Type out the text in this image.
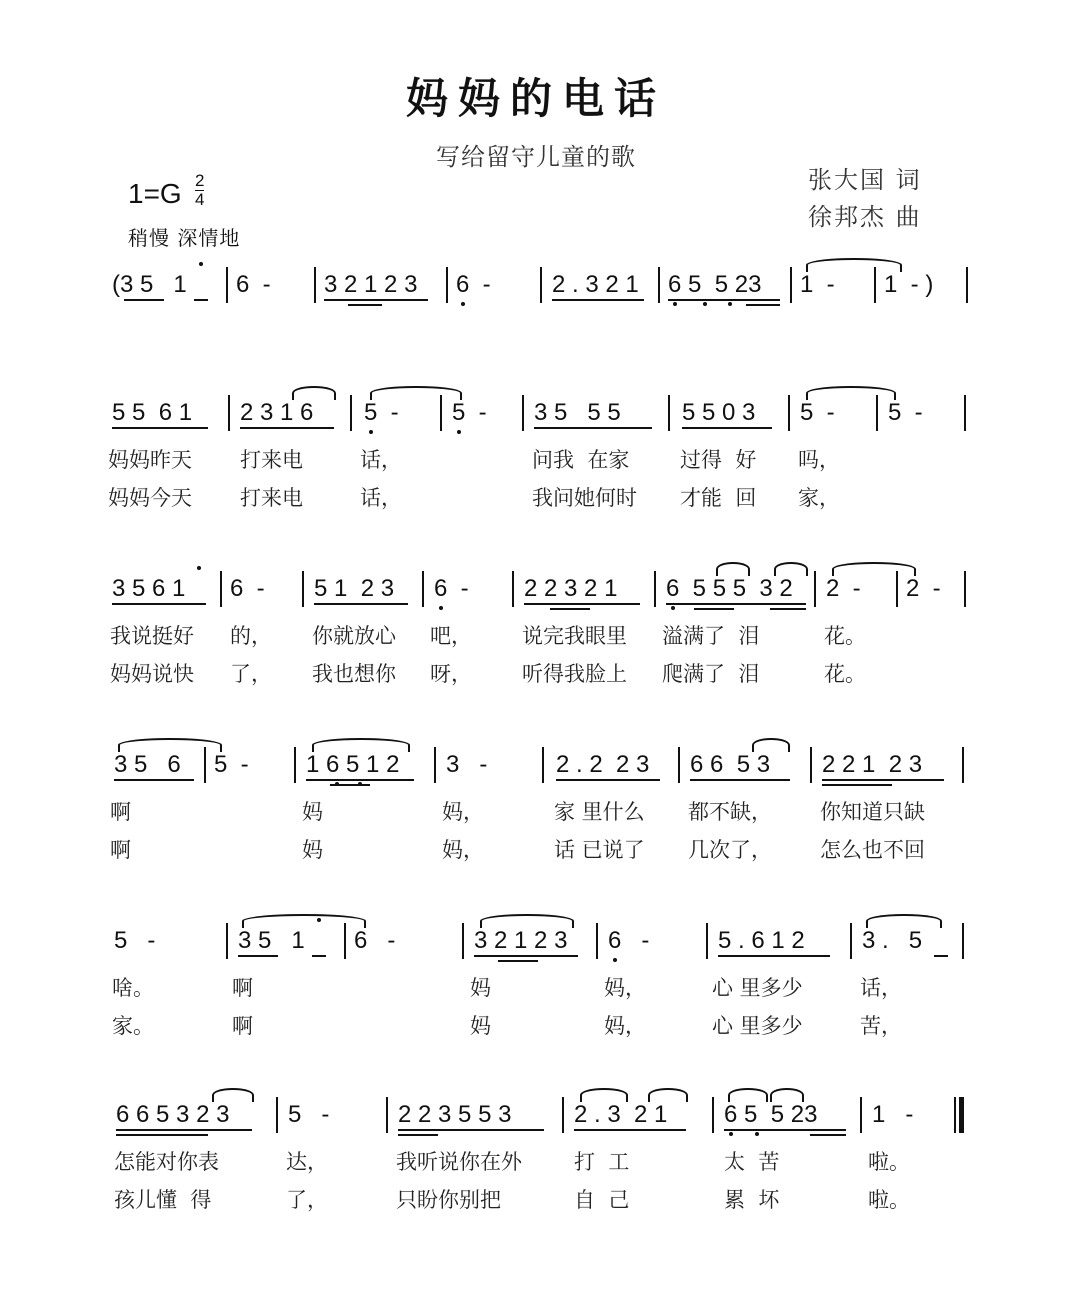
妈妈的电话
写给留守儿童的歌
张大国 词
徐邦杰 曲
1=G 2
4
稍慢 深情地
(3 5   1 6  - 3 2 1 2 3 6  -	2 . 3 2 1 6 5  5 23 1  - 1  - )
5 5  6 1 2 3 1 6 5  - 5  - 3 5   5 5	5 5 0 3 5  - 5  -
妈妈昨天 打来电	话，	问我  在家 过得  好 吗，
妈妈今天 打来电	话，	我问她何时 才能  回 家，
3 5 6 1 6  - 5 1  2 3 6  - 2 2 3 2 1 6  5 5 5  3 2 2  - 2  -
我说挺好 的， 你就放心 吧， 说完我眼里 溢满了  泪	花。
妈妈说快 了， 我也想你 呀， 听得我脸上 爬满了  泪	花。
3 5   6 5  - 1 6 5 1 2 3   -	2 . 2  2 3 6 6  5 3 2 2 1  2 3
啊	妈	妈，	家 里什么 都不缺， 你知道只缺
啊	妈	妈，	话 已说了 几次了， 怎么也不回
5   -	3 5   1 6   -	3 2 1 2 3 6   -	5 . 6 1 2 3 .   5
啥。	啊	妈	妈，	心 里多少	话，
家。	啊	妈	妈，	心 里多少	苦，
6 6 5 3 2 3 5   -	2 2 3 5 5 3	2 . 3  2 1 6 5  5 23 1   -
怎能对你表	达，	我听说你在外 打  工	太  苦	啦。
孩儿懂  得	了，	只盼你别把	自  己	累  坏	啦。
